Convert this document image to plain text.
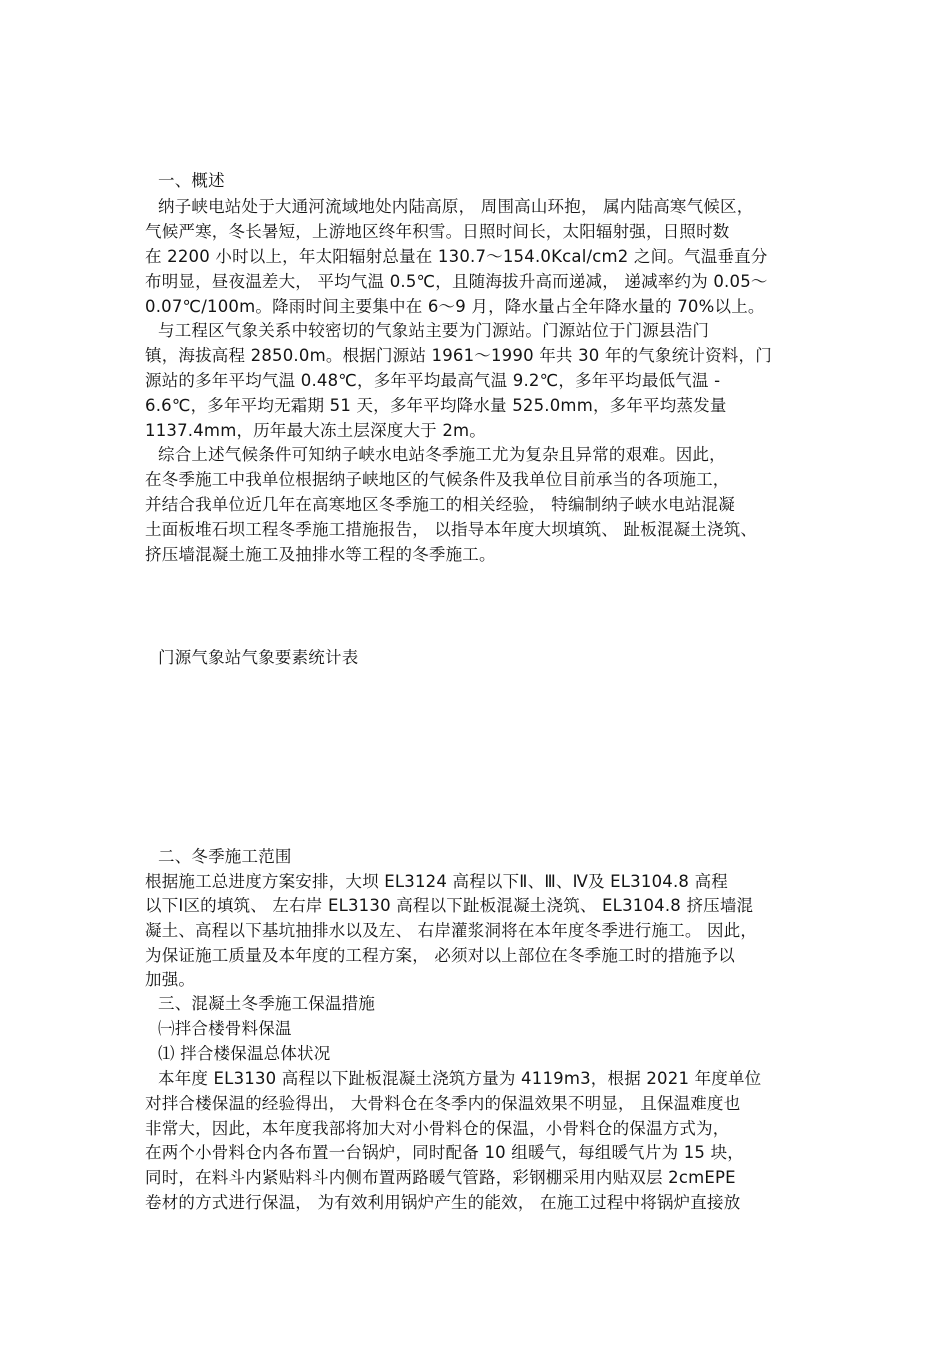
一、概述
纳子峡电站处于大通河流域地处内陆高原， 周围高山环抱， 属内陆高寒气候区，
气候严寒，冬长暑短，上游地区终年积雪。日照时间长，太阳辐射强，日照时数
在 2200 小时以上，年太阳辐射总量在 130.7～154.0Kcal/cm2 之间。气温垂直分
布明显，昼夜温差大， 平均气温 0.5℃，且随海拔升高而递减， 递减率约为 0.05～
0.07℃/100m。降雨时间主要集中在 6～9 月，降水量占全年降水量的 70%以上。
与工程区气象关系中较密切的气象站主要为门源站。门源站位于门源县浩门
镇，海拔高程 2850.0m。根据门源站 1961～1990 年共 30 年的气象统计资料，门
源站的多年平均气温 0.48℃，多年平均最高气温 9.2℃，多年平均最低气温 -
6.6℃，多年平均无霜期 51 天，多年平均降水量 525.0mm，多年平均蒸发量
1137.4mm，历年最大冻土层深度大于 2m。
综合上述气候条件可知纳子峡水电站冬季施工尤为复杂且异常的艰难。因此，
在冬季施工中我单位根据纳子峡地区的气候条件及我单位目前承当的各项施工，
并结合我单位近几年在高寒地区冬季施工的相关经验， 特编制纳子峡水电站混凝
土面板堆石坝工程冬季施工措施报告， 以指导本年度大坝填筑、 趾板混凝土浇筑、
挤压墙混凝土施工及抽排水等工程的冬季施工。
门源气象站气象要素统计表
二、冬季施工范围
根据施工总进度方案安排，大坝 EL3124 高程以下Ⅱ、Ⅲ、Ⅳ及 EL3104.8 高程
以下Ⅰ区的填筑、 左右岸 EL3130 高程以下趾板混凝土浇筑、 EL3104.8 挤压墙混
凝土、高程以下基坑抽排水以及左、 右岸灌浆洞将在本年度冬季进行施工。 因此，
为保证施工质量及本年度的工程方案， 必须对以上部位在冬季施工时的措施予以
加强。
三、混凝土冬季施工保温措施
㈠拌合楼骨料保温
⑴ 拌合楼保温总体状况
本年度 EL3130 高程以下趾板混凝土浇筑方量为 4119m3，根据 2021 年度单位
对拌合楼保温的经验得出， 大骨料仓在冬季内的保温效果不明显， 且保温难度也
非常大，因此，本年度我部将加大对小骨料仓的保温，小骨料仓的保温方式为，
在两个小骨料仓内各布置一台锅炉，同时配备 10 组暖气，每组暖气片为 15 块，
同时，在料斗内紧贴料斗内侧布置两路暖气管路，彩钢棚采用内贴双层 2cmEPE
卷材的方式进行保温， 为有效利用锅炉产生的能效， 在施工过程中将锅炉直接放
